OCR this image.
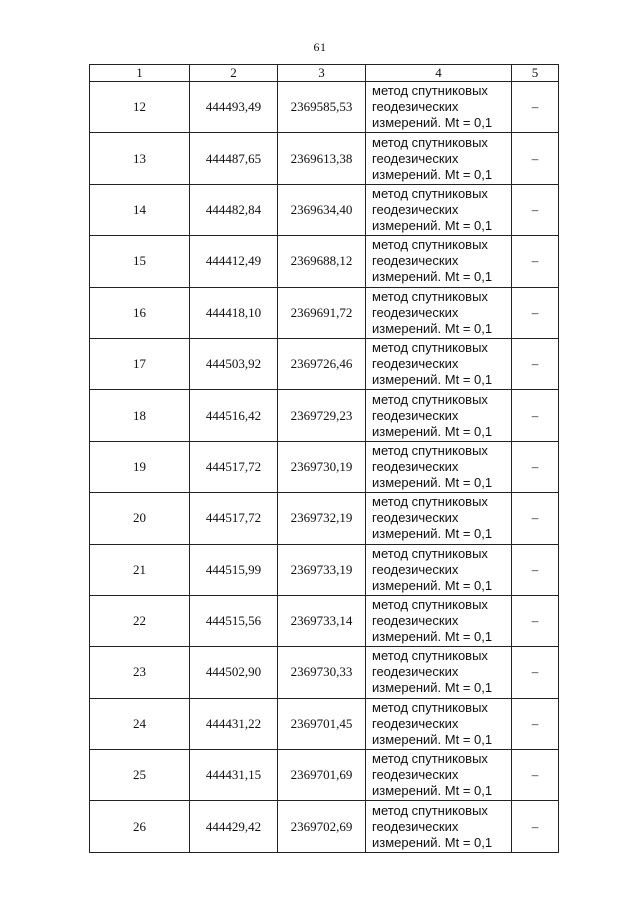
61
1	2	3	4	5
12	444493,49	2369585,53	метод спутниковых геодезических измерений. Mt = 0,1	–
13	444487,65	2369613,38	метод спутниковых геодезических измерений. Mt = 0,1	–
14	444482,84	2369634,40	метод спутниковых геодезических измерений. Mt = 0,1	–
15	444412,49	2369688,12	метод спутниковых геодезических измерений. Mt = 0,1	–
16	444418,10	2369691,72	метод спутниковых геодезических измерений. Mt = 0,1	–
17	444503,92	2369726,46	метод спутниковых геодезических измерений. Mt = 0,1	–
18	444516,42	2369729,23	метод спутниковых геодезических измерений. Mt = 0,1	–
19	444517,72	2369730,19	метод спутниковых геодезических измерений. Mt = 0,1	–
20	444517,72	2369732,19	метод спутниковых геодезических измерений. Mt = 0,1	–
21	444515,99	2369733,19	метод спутниковых геодезических измерений. Mt = 0,1	–
22	444515,56	2369733,14	метод спутниковых геодезических измерений. Mt = 0,1	–
23	444502,90	2369730,33	метод спутниковых геодезических измерений. Mt = 0,1	–
24	444431,22	2369701,45	метод спутниковых геодезических измерений. Mt = 0,1	–
25	444431,15	2369701,69	метод спутниковых геодезических измерений. Mt = 0,1	–
26	444429,42	2369702,69	метод спутниковых геодезических измерений. Mt = 0,1	–
